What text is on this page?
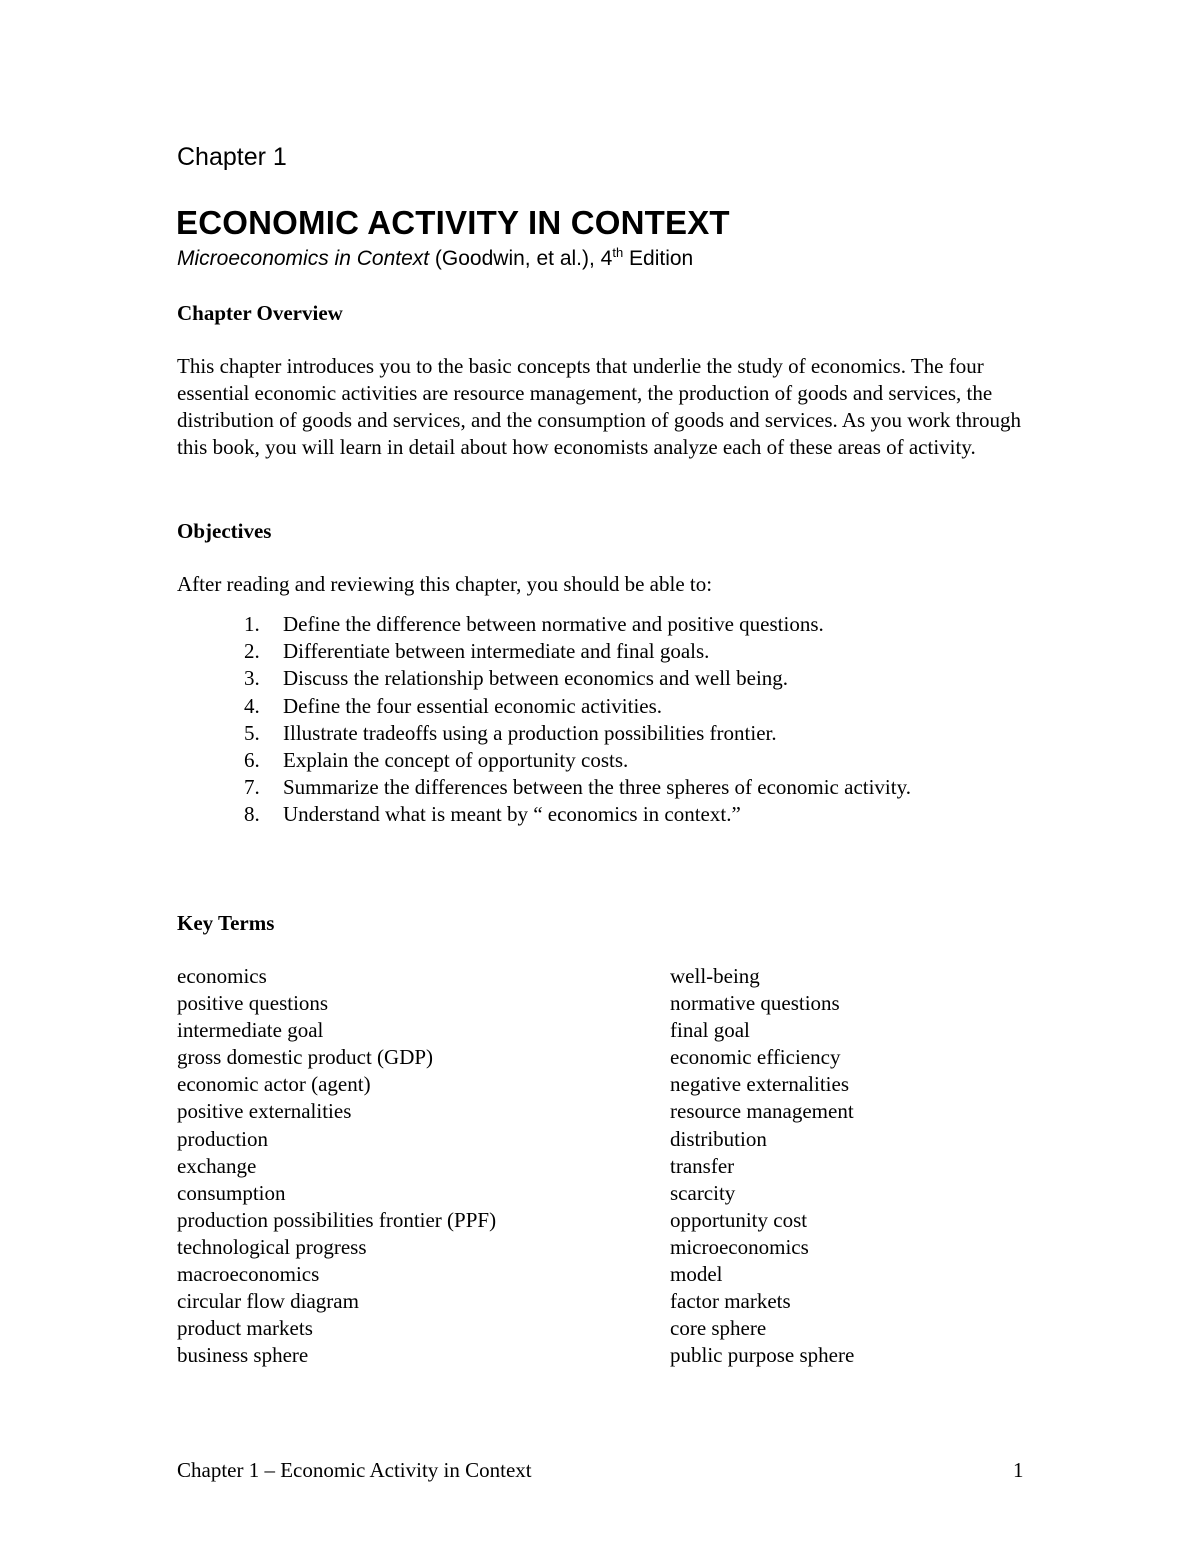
Chapter 1
ECONOMIC ACTIVITY IN CONTEXT
Microeconomics in Context (Goodwin, et al.), 4th Edition
Chapter Overview
This chapter introduces you to the basic concepts that underlie the study of economics. The four essential economic activities are resource management, the production of goods and services, the distribution of goods and services, and the consumption of goods and services. As you work through this book, you will learn in detail about how economists analyze each of these areas of activity.
Objectives
After reading and reviewing this chapter, you should be able to:
1. Define the difference between normative and positive questions.
2. Differentiate between intermediate and final goals.
3. Discuss the relationship between economics and well being.
4. Define the four essential economic activities.
5. Illustrate tradeoffs using a production possibilities frontier.
6. Explain the concept of opportunity costs.
7. Summarize the differences between the three spheres of economic activity.
8. Understand what is meant by “ economics in context.”
Key Terms
economics
positive questions
intermediate goal
gross domestic product (GDP)
economic actor (agent)
positive externalities
production
exchange
consumption
production possibilities frontier (PPF)
technological progress
macroeconomics
circular flow diagram
product markets
business sphere
well-being
normative questions
final goal
economic efficiency
negative externalities
resource management
distribution
transfer
scarcity
opportunity cost
microeconomics
model
factor markets
core sphere
public purpose sphere
Chapter 1 – Economic Activity in Context	1
